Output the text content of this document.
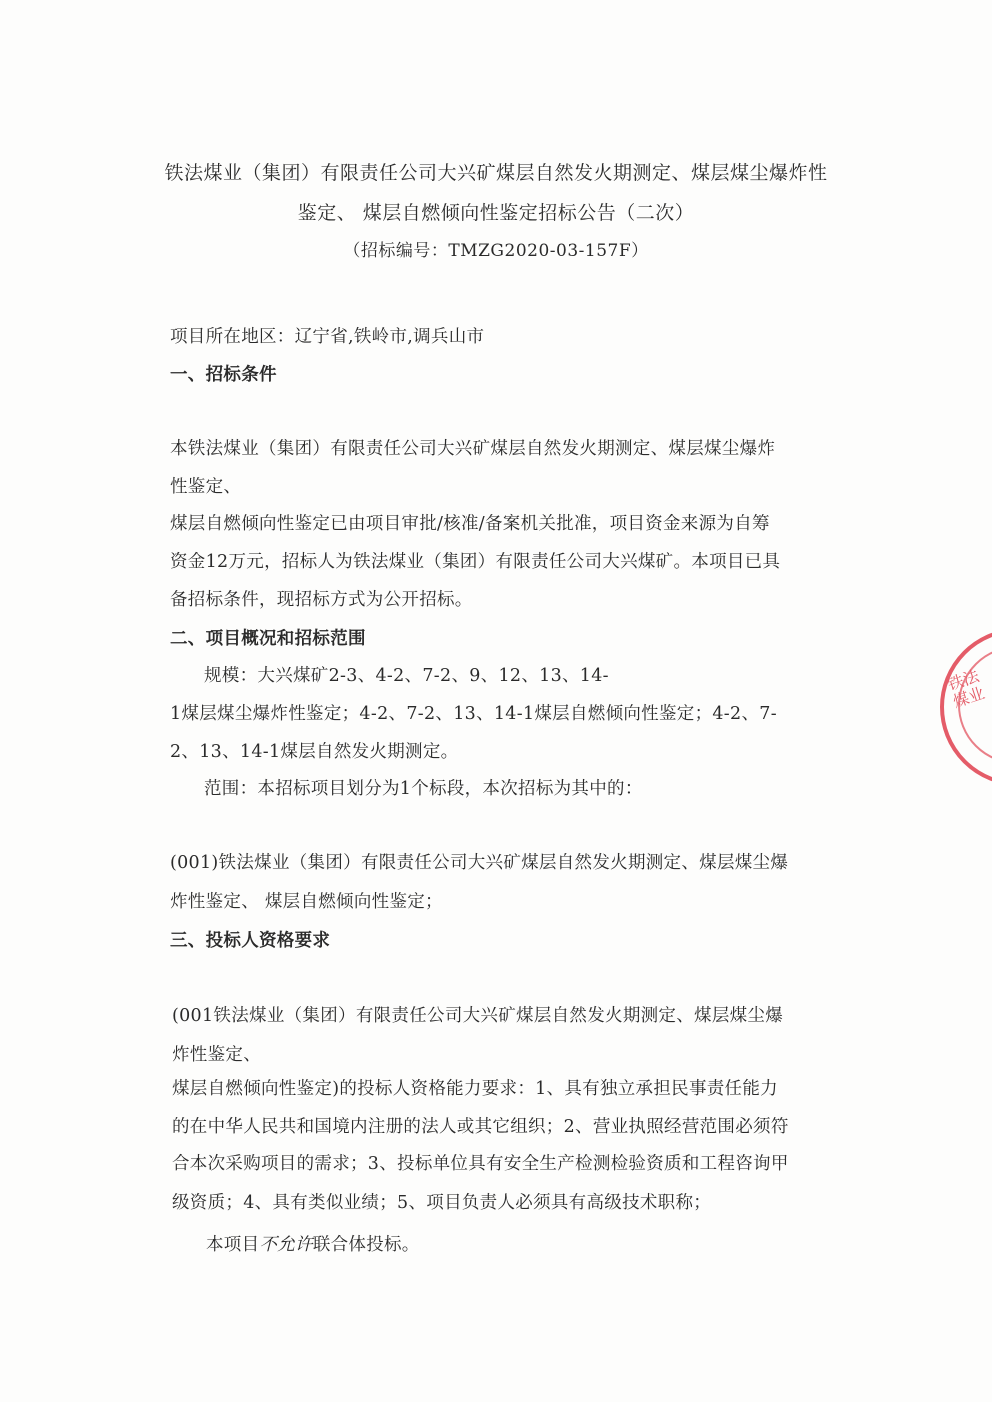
铁法煤业（集团）有限责任公司大兴矿煤层自然发火期测定、煤层煤尘爆炸性
鉴定、 煤层自燃倾向性鉴定招标公告（二次）
（招标编号：TMZG2020-03-157F）
项目所在地区：辽宁省,铁岭市,调兵山市
一、招标条件
本铁法煤业（集团）有限责任公司大兴矿煤层自然发火期测定、煤层煤尘爆炸
性鉴定、
煤层自燃倾向性鉴定已由项目审批/核准/备案机关批准，项目资金来源为自筹
资金12万元，招标人为铁法煤业（集团）有限责任公司大兴煤矿。本项目已具
备招标条件，现招标方式为公开招标。
二、项目概况和招标范围
规模：大兴煤矿2-3、4-2、7-2、9、12、13、14-
1煤层煤尘爆炸性鉴定；4-2、7-2、13、14-1煤层自燃倾向性鉴定；4-2、7-
2、13、14-1煤层自然发火期测定。
范围：本招标项目划分为1个标段，本次招标为其中的：
(001)铁法煤业（集团）有限责任公司大兴矿煤层自然发火期测定、煤层煤尘爆
炸性鉴定、 煤层自燃倾向性鉴定；
三、投标人资格要求
(001铁法煤业（集团）有限责任公司大兴矿煤层自然发火期测定、煤层煤尘爆
炸性鉴定、
煤层自燃倾向性鉴定)的投标人资格能力要求：1、具有独立承担民事责任能力
的在中华人民共和国境内注册的法人或其它组织；2、营业执照经营范围必须符
合本次采购项目的需求；3、投标单位具有安全生产检测检验资质和工程咨询甲
级资质；4、具有类似业绩；5、项目负责人必须具有高级技术职称；
本项目不允许联合体投标。
铁法煤业
